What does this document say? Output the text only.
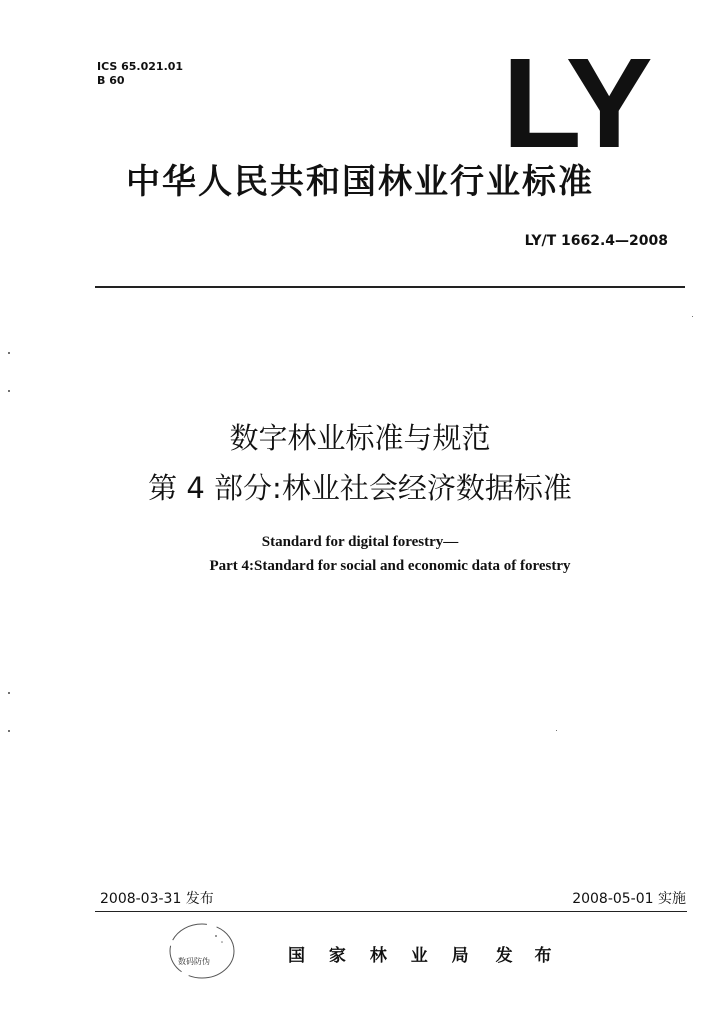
ICS 65.021.01
B 60	LY
中华人民共和国林业行业标准
LY/T 1662.4—2008
数字林业标准与规范
第 4 部分:林业社会经济数据标准
Standard for digital forestry—
Part 4:Standard for social and economic data of forestry
2008-03-31 发布	2008-05-01 实施
数码防伪	国 家 林 业 局 发 布
